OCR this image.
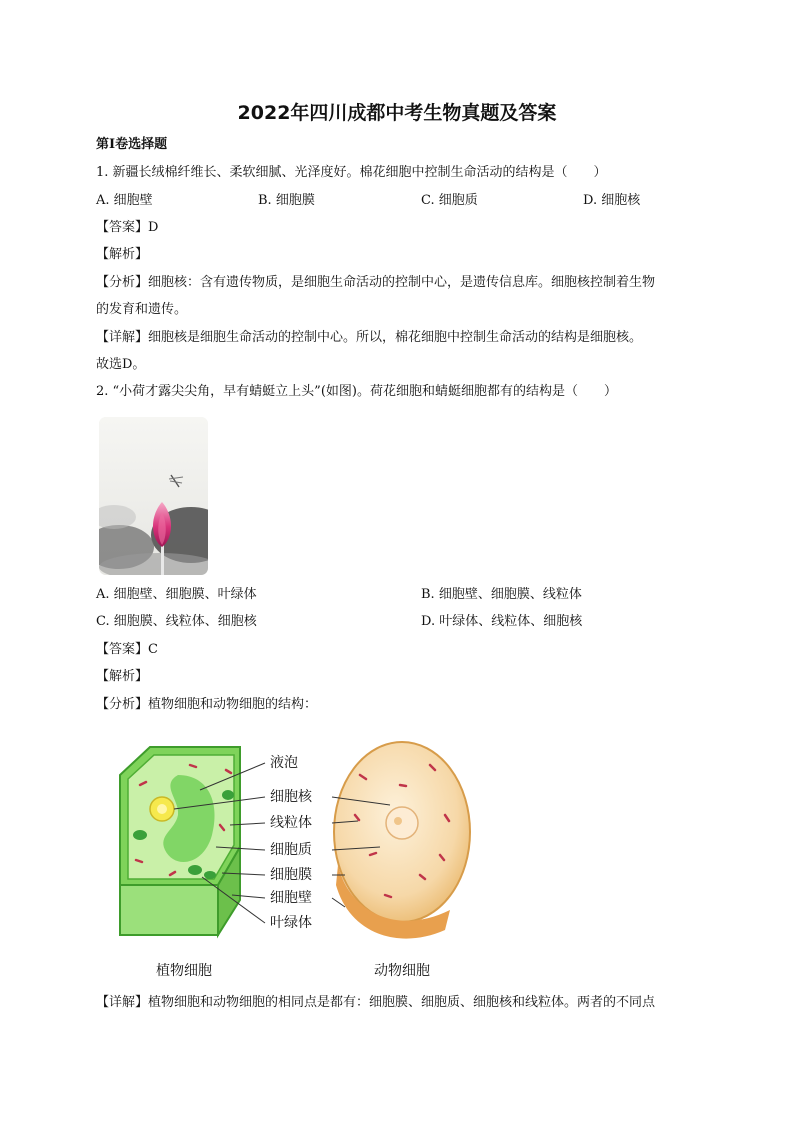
2022年四川成都中考生物真题及答案
第Ⅰ卷选择题
1. 新疆长绒棉纤维长、柔软细腻、光泽度好。棉花细胞中控制生命活动的结构是（　　）
A. 细胞壁	B. 细胞膜	C. 细胞质	D. 细胞核
【答案】D
【解析】
【分析】细胞核：含有遗传物质，是细胞生命活动的控制中心，是遗传信息库。细胞核控制着生物
的发育和遗传。
【详解】细胞核是细胞生命活动的控制中心。所以，棉花细胞中控制生命活动的结构是细胞核。
故选D。
2. “小荷才露尖尖角，早有蜻蜓立上头”(如图)。荷花细胞和蜻蜓细胞都有的结构是（　　）
A. 细胞壁、细胞膜、叶绿体	B. 细胞壁、细胞膜、线粒体
C. 细胞膜、线粒体、细胞核	D. 叶绿体、线粒体、细胞核
【答案】C
【解析】
【分析】植物细胞和动物细胞的结构：
液泡
细胞核
线粒体
细胞质
细胞膜
细胞壁
叶绿体
植物细胞	动物细胞
【详解】植物细胞和动物细胞的相同点是都有：细胞膜、细胞质、细胞核和线粒体。两者的不同点
